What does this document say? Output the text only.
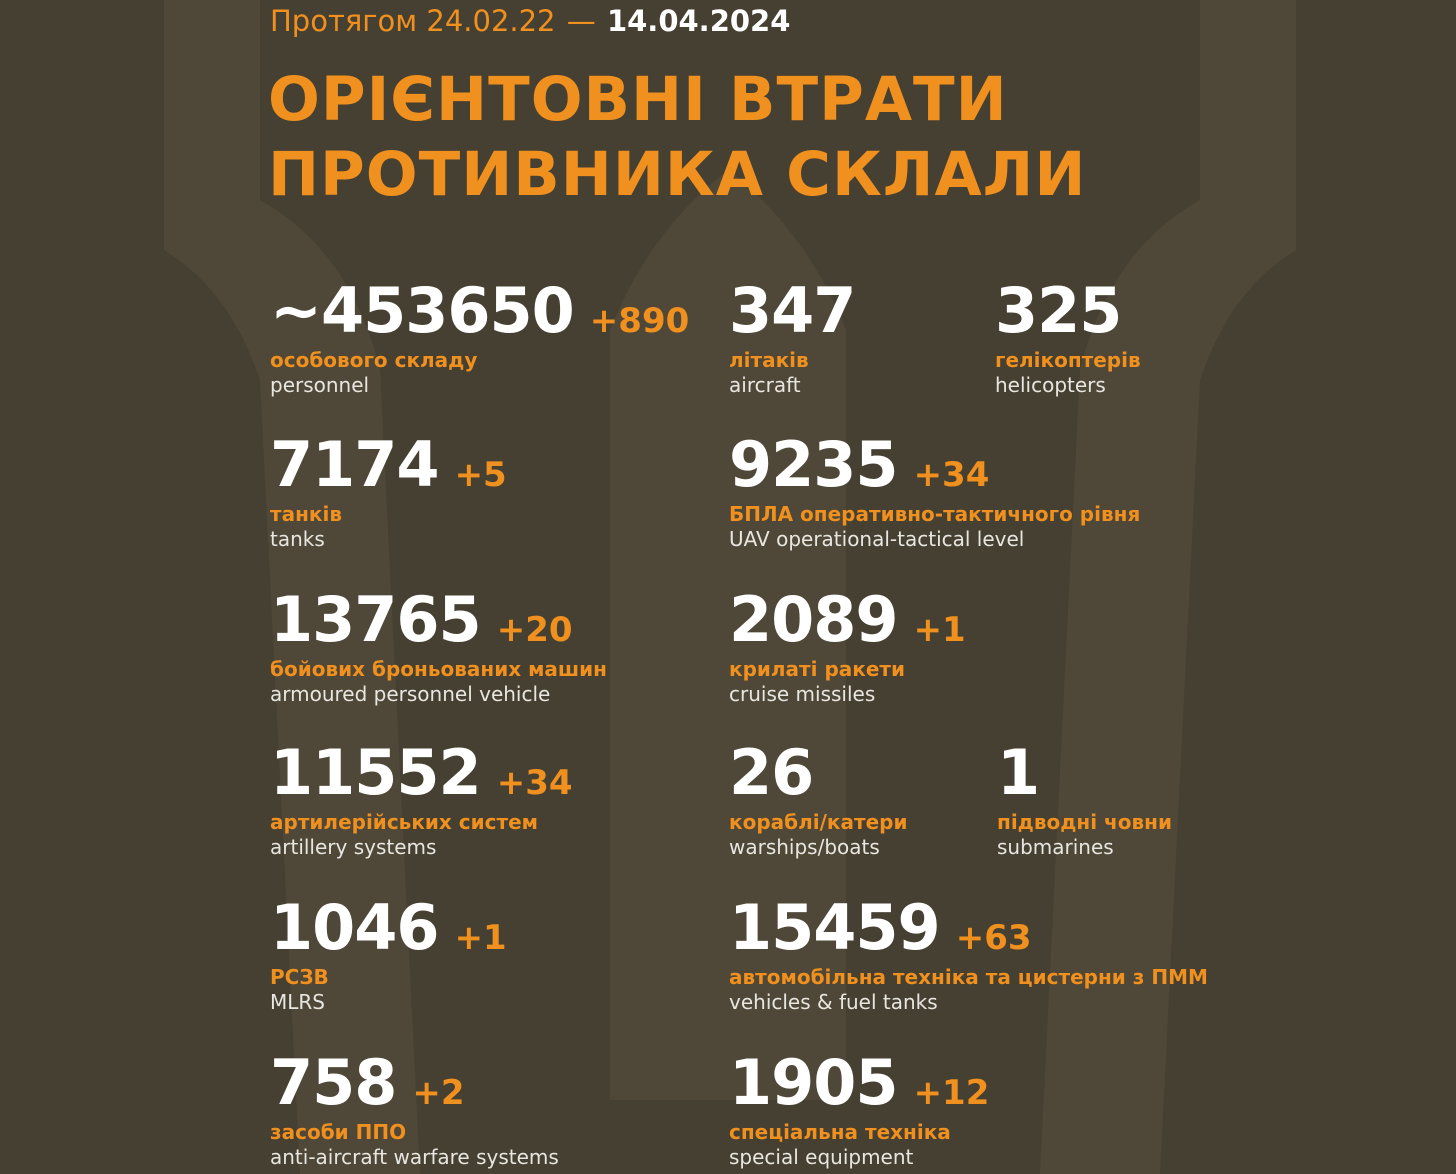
Протягом 24.02.22 — 14.04.2024
ОРІЄНТОВНІ ВТРАТИ
ПРОТИВНИКА СКЛАЛИ
~453650 +890
особового складу
personnel
347
літаків
aircraft
325
гелікоптерів
helicopters
7174 +5
танків
tanks
9235 +34
БПЛА оперативно-тактичного рівня
UAV operational-tactical level
13765 +20
бойових броньованих машин
armoured personnel vehicle
2089 +1
крилаті ракети
cruise missiles
11552 +34
артилерійських систем
artillery systems
26
кораблі/катери
warships/boats
1
підводні човни
submarines
1046 +1
РСЗВ
MLRS
15459 +63
автомобільна техніка та цистерни з ПММ
vehicles & fuel tanks
758 +2
засоби ППО
anti-aircraft warfare systems
1905 +12
спеціальна техніка
special equipment
